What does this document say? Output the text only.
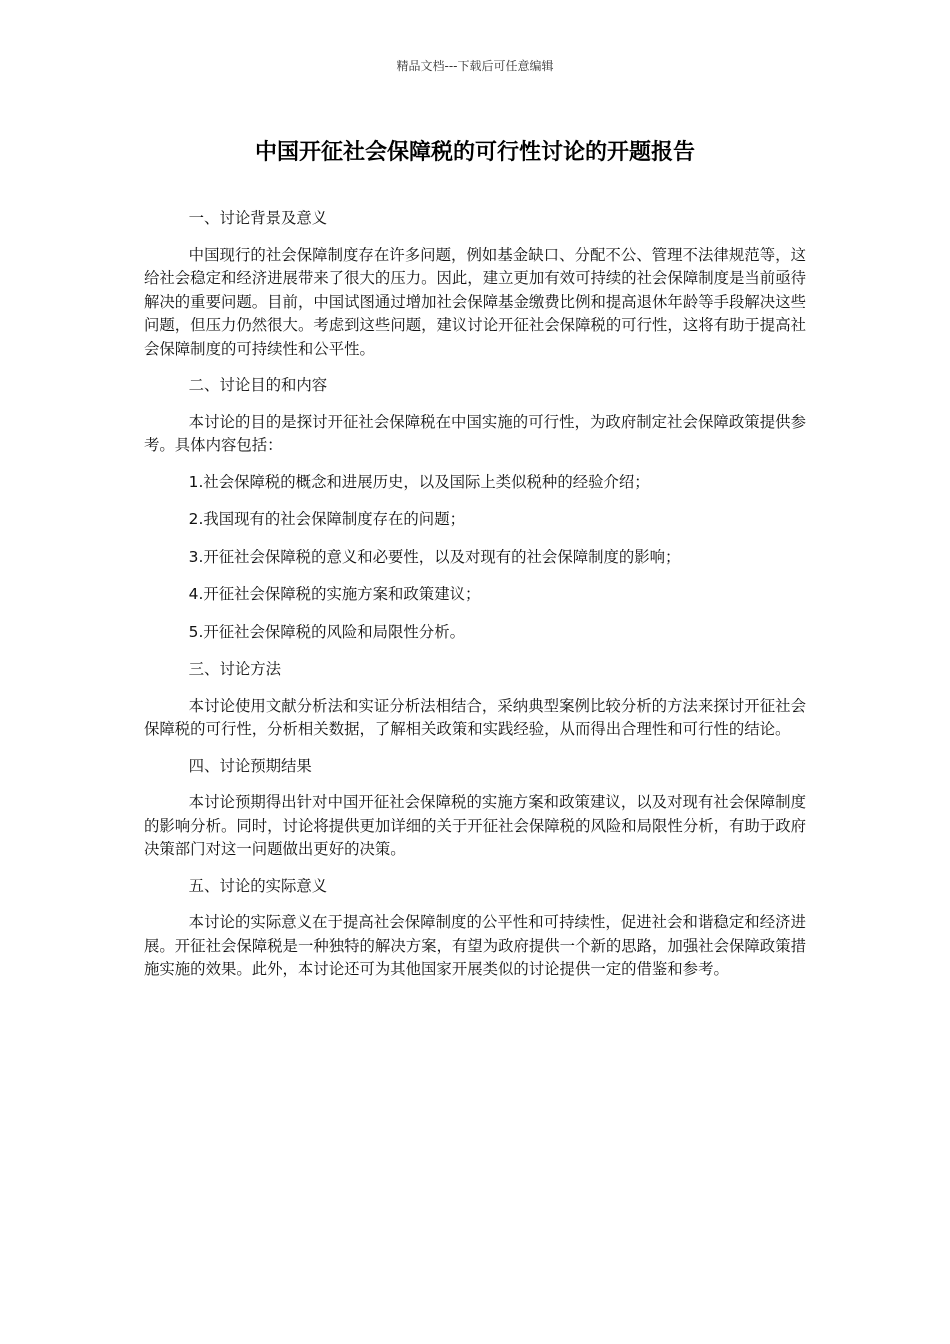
精品文档---下载后可任意编辑
中国开征社会保障税的可行性讨论的开题报告

一、讨论背景及意义

中国现行的社会保障制度存在许多问题，例如基金缺口、分配不公、管理不法律规范等，这给社会稳定和经济进展带来了很大的压力。因此，建立更加有效可持续的社会保障制度是当前亟待解决的重要问题。目前，中国试图通过增加社会保障基金缴费比例和提高退休年龄等手段解决这些问题，但压力仍然很大。考虑到这些问题，建议讨论开征社会保障税的可行性，这将有助于提高社会保障制度的可持续性和公平性。

二、讨论目的和内容

本讨论的目的是探讨开征社会保障税在中国实施的可行性，为政府制定社会保障政策提供参考。具体内容包括：

1.社会保障税的概念和进展历史，以及国际上类似税种的经验介绍；

2.我国现有的社会保障制度存在的问题；

3.开征社会保障税的意义和必要性，以及对现有的社会保障制度的影响；

4.开征社会保障税的实施方案和政策建议；

5.开征社会保障税的风险和局限性分析。

三、讨论方法

本讨论使用文献分析法和实证分析法相结合，采纳典型案例比较分析的方法来探讨开征社会保障税的可行性，分析相关数据，了解相关政策和实践经验，从而得出合理性和可行性的结论。

四、讨论预期结果

本讨论预期得出针对中国开征社会保障税的实施方案和政策建议，以及对现有社会保障制度的影响分析。同时，讨论将提供更加详细的关于开征社会保障税的风险和局限性分析，有助于政府决策部门对这一问题做出更好的决策。

五、讨论的实际意义

本讨论的实际意义在于提高社会保障制度的公平性和可持续性，促进社会和谐稳定和经济进展。开征社会保障税是一种独特的解决方案，有望为政府提供一个新的思路，加强社会保障政策措施实施的效果。此外，本讨论还可为其他国家开展类似的讨论提供一定的借鉴和参考。
